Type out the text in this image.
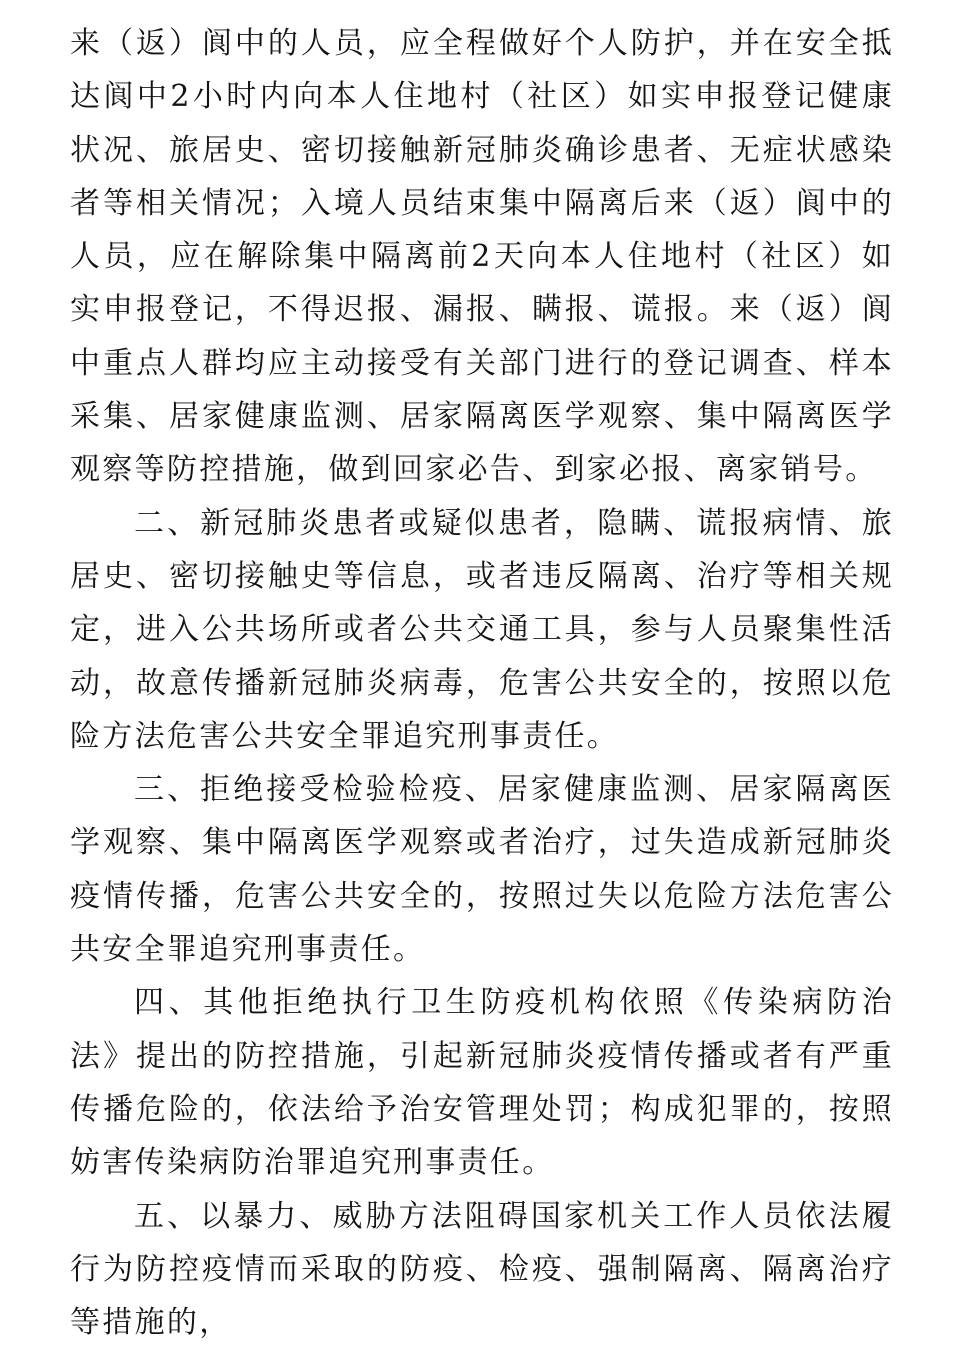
来（返）阆中的人员，应全程做好个人防护，并在安全抵达阆中2小时内向本人住地村（社区）如实申报登记健康状况、旅居史、密切接触新冠肺炎确诊患者、无症状感染者等相关情况；入境人员结束集中隔离后来（返）阆中的人员，应在解除集中隔离前2天向本人住地村（社区）如实申报登记，不得迟报、漏报、瞒报、谎报。来（返）阆中重点人群均应主动接受有关部门进行的登记调查、样本采集、居家健康监测、居家隔离医学观察、集中隔离医学观察等防控措施，做到回家必告、到家必报、离家销号。

二、新冠肺炎患者或疑似患者，隐瞒、谎报病情、旅居史、密切接触史等信息，或者违反隔离、治疗等相关规定，进入公共场所或者公共交通工具，参与人员聚集性活动，故意传播新冠肺炎病毒，危害公共安全的，按照以危险方法危害公共安全罪追究刑事责任。

三、拒绝接受检验检疫、居家健康监测、居家隔离医学观察、集中隔离医学观察或者治疗，过失造成新冠肺炎疫情传播，危害公共安全的，按照过失以危险方法危害公共安全罪追究刑事责任。

四、其他拒绝执行卫生防疫机构依照《传染病防治法》提出的防控措施，引起新冠肺炎疫情传播或者有严重传播危险的，依法给予治安管理处罚；构成犯罪的，按照妨害传染病防治罪追究刑事责任。

五、以暴力、威胁方法阻碍国家机关工作人员依法履行为防控疫情而采取的防疫、检疫、强制隔离、隔离治疗等措施的，
